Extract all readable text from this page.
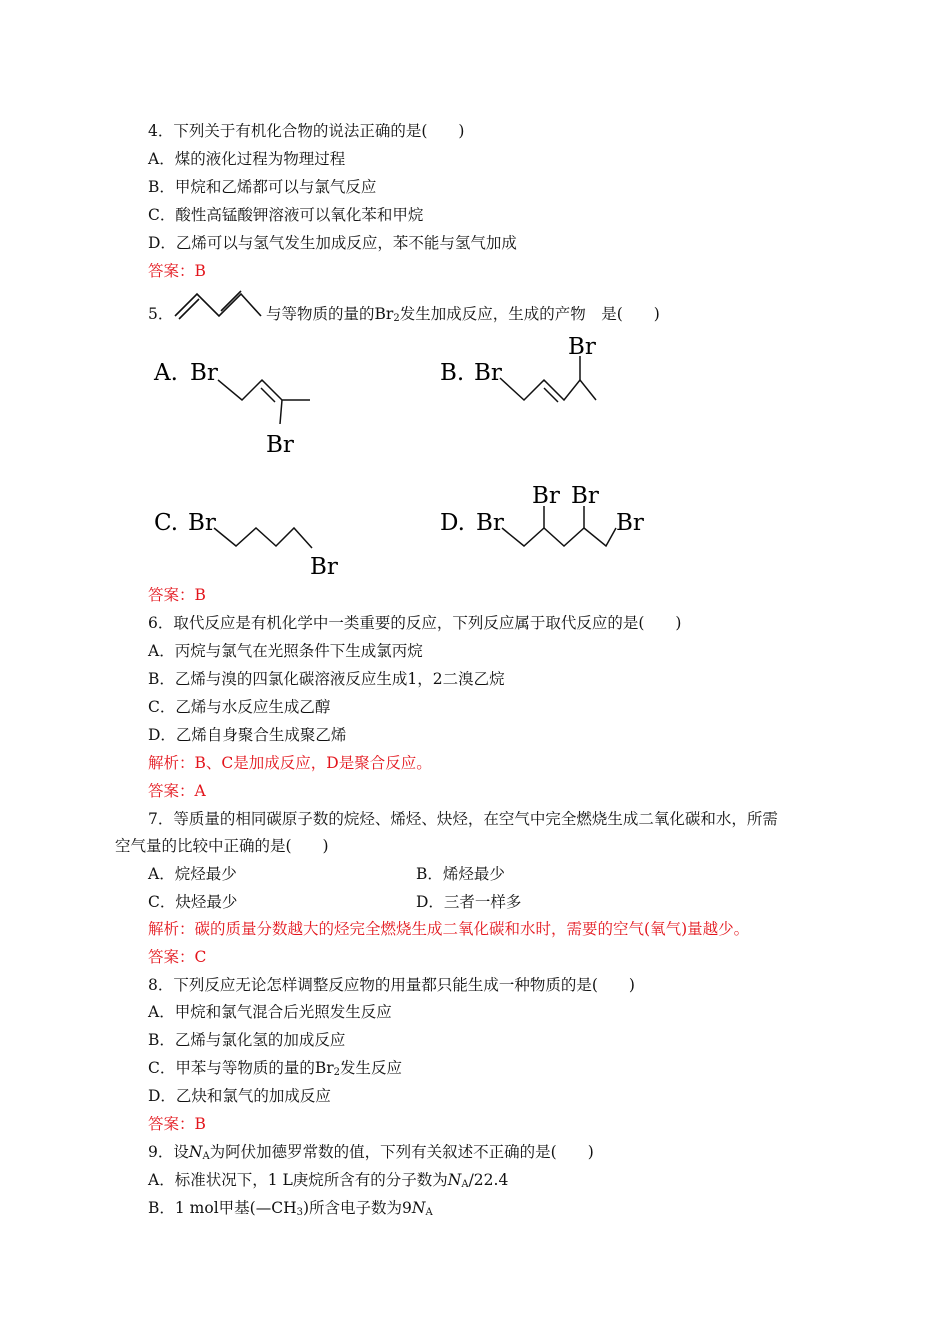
4．下列关于有机化合物的说法正确的是(　　)
A．煤的液化过程为物理过程
B．甲烷和乙烯都可以与氯气反应
C．酸性高锰酸钾溶液可以氧化苯和甲烷
D．乙烯可以与氢气发生加成反应，苯不能与氢气加成
答案：B
5．	与等物质的量的$Br_2$发生加成反应，生成的产物　是(　　)
A. Br
Br
B. Br
Br
C. Br
Br
D. Br
Br Br
Br
答案：B
6．取代反应是有机化学中一类重要的反应，下列反应属于取代反应的是(　　)
A．丙烷与氯气在光照条件下生成氯丙烷
B．乙烯与溴的四氯化碳溶液反应生成1，2二溴乙烷
C．乙烯与水反应生成乙醇
D．乙烯自身聚合生成聚乙烯
解析：B、C是加成反应，D是聚合反应。
答案：A
7．等质量的相同碳原子数的烷烃、烯烃、炔烃，在空气中完全燃烧生成二氧化碳和水，所需
空气量的比较中正确的是(　　)
A．烷烃最少	B．烯烃最少
C．炔烃最少	D．三者一样多
解析：碳的质量分数越大的烃完全燃烧生成二氧化碳和水时，需要的空气(氧气)量越少。
答案：C
8．下列反应无论怎样调整反应物的用量都只能生成一种物质的是(　　)
A．甲烷和氯气混合后光照发生反应
B．乙烯与氯化氢的加成反应
C．甲苯与等物质的量的$Br_2$发生反应
D．乙炔和氯气的加成反应
答案：B
9．设$N_A$为阿伏加德罗常数的值，下列有关叙述不正确的是(　　)
A．标准状况下，1 L庚烷所含有的分子数为$N_A/22.4$
B．1 mol甲基$(—CH_3)$所含电子数为$9N_A$
